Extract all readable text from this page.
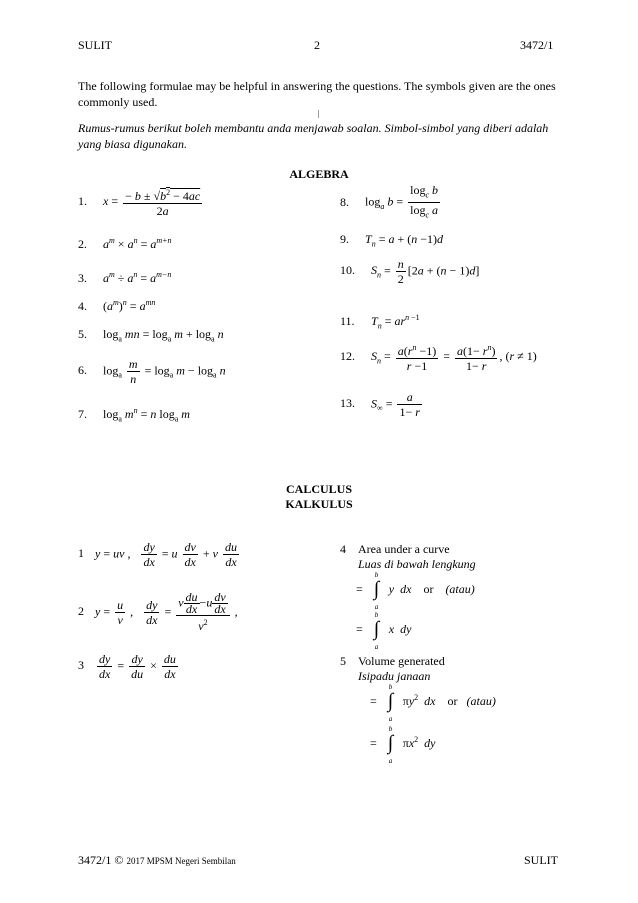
SULIT	2	3472/1
The following formulae may be helpful in answering the questions. The symbols given are the ones commonly used.
|
Rumus-rumus berikut boleh membantu anda menjawab soalan. Simbol-simbol yang diberi adalah yang biasa digunakan.
ALGEBRA
1. $x = \frac{- b \pm √b^2 - 4ac}{2a}$
2. $a^m \times a^n = a^{m+n}$
3. $a^m \div a^n = a^{m-n}$
4. $(a^m)^n = a^{mn}$
5. $\log_a$ mn = $\log_a m + \log_a n$
6. $\log_a \frac{m}{n} = \log_a m - \log_a n$
7. $\log_a m^n = n$ $\log_a m$
8. $\log_a b = \frac{\log_c b}{\log_c a}$
9. $T_n = a + (n -1)d$
10. $S_n = \frac{n}{2} [2a + (n - 1)d]$
11. $T_n = ar^{n -1}$
12. $S_n = \frac{a(r^n -1)}{r -1} = \frac{a(1- r^n)}{1- r}$ , (r ≠ 1)
13. $S_\infty = \frac{a}{1- r}$
CALCULUS
KALKULUS
1 y = uv , $\frac{dy}{dx} = u \frac{dv}{dx} + v \frac{du}{dx}$
2 $y = \frac{u}{v}$ , $\frac{dy}{dx} = \frac{v \frac{du}{dx} -u \frac{dv}{dx}}{v^2}$ ,
$3 \frac{dy}{dx} = \frac{dy}{du} \times \frac{du}{dx}$
4 Area under a curve
Luas di bawah lengkung
=
b
∫
a
y dx or (atau)
=
b
∫
a
x dy
5 Volume generated
Isipadu janaan
=
b
∫
a
$\pi y^2$ dx or (atau)
=
b
∫
a
$\pi x^2$ dy
3472/1 © 2017 MPSM Negeri Sembilan	SULIT
